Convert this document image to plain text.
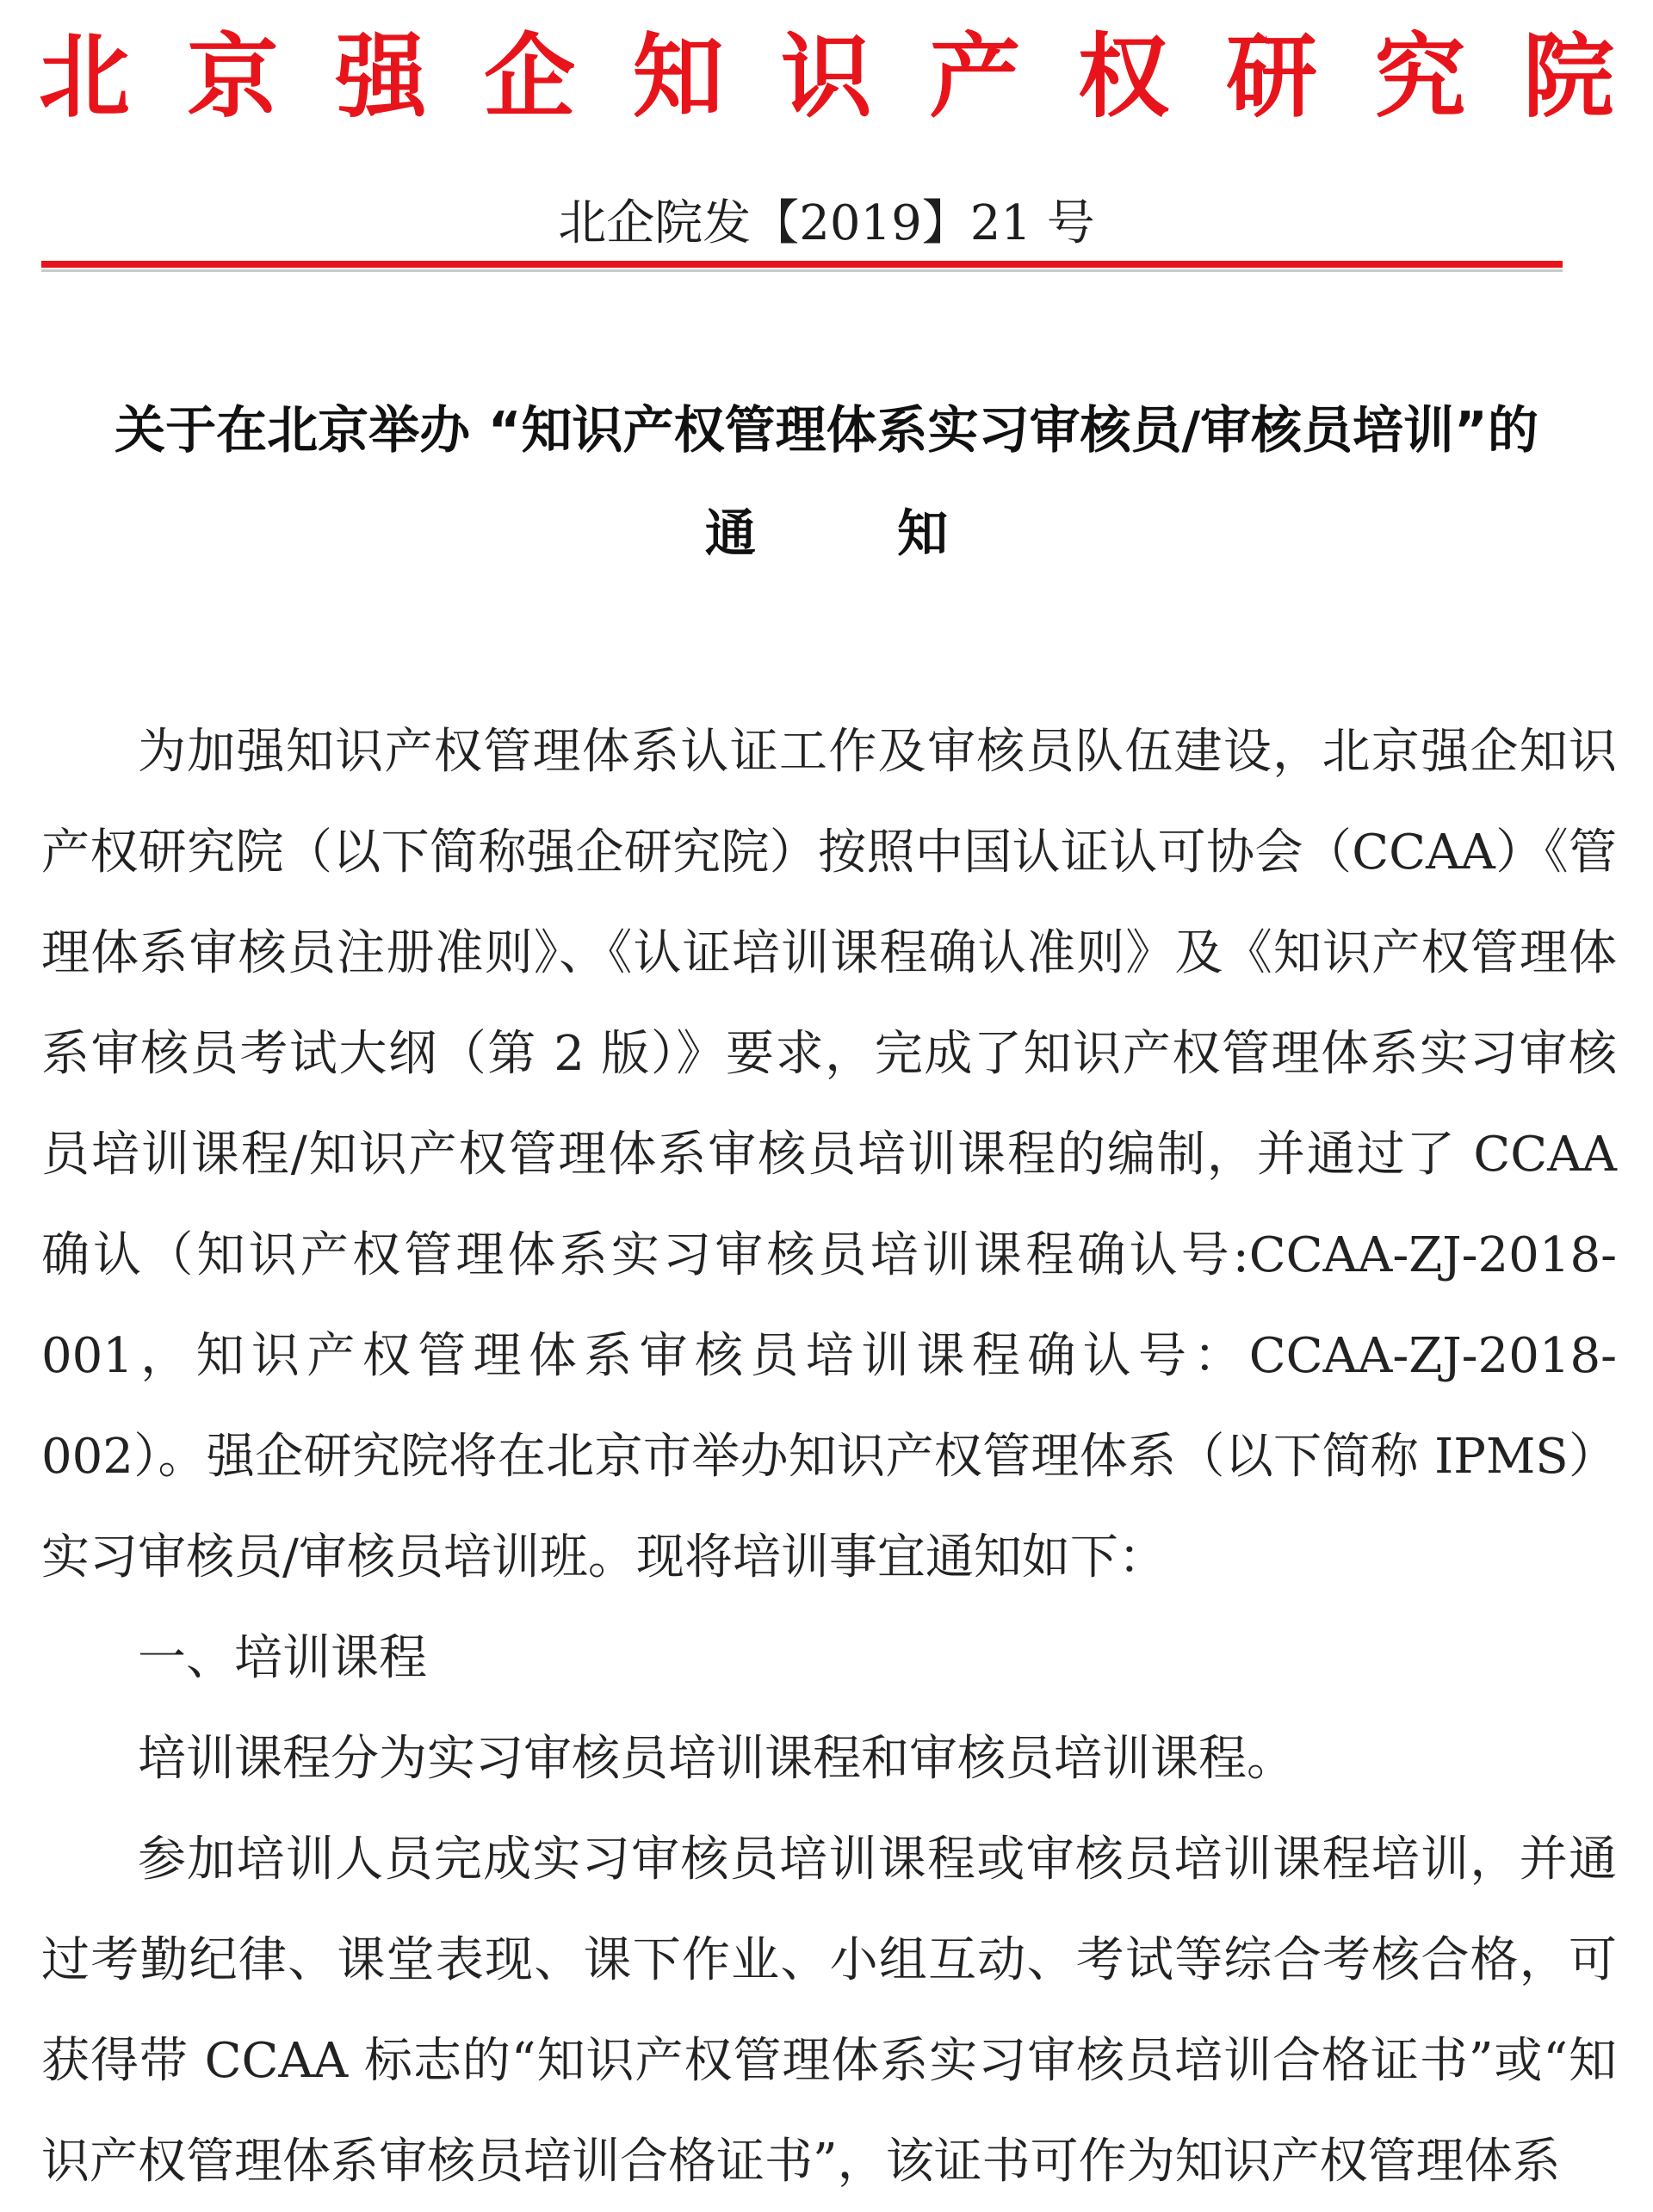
北 京 强 企 知 识 产 权 研 究 院
北企院发【2019】21 号
关于在北京举办 “知识产权管理体系实习审核员/审核员培训”的
通        知

为加强知识产权管理体系认证工作及审核员队伍建设，北京强企知识产权研究院（以下简称强企研究院）按照中国认证认可协会（CCAA）《管理体系审核员注册准则》、《认证培训课程确认准则》及《知识产权管理体系审核员考试大纲（第 2 版）》要求，完成了知识产权管理体系实习审核员培训课程/知识产权管理体系审核员培训课程的编制，并通过了 CCAA 确认（知识产权管理体系实习审核员培训课程确认号:CCAA-ZJ-2018-001，知识产权管理体系审核员培训课程确认号：CCAA-ZJ-2018-002）。强企研究院将在北京市举办知识产权管理体系（以下简称 IPMS）实习审核员/审核员培训班。现将培训事宜通知如下：

一、培训课程

培训课程分为实习审核员培训课程和审核员培训课程。

参加培训人员完成实习审核员培训课程或审核员培训课程培训，并通过考勤纪律、课堂表现、课下作业、小组互动、考试等综合考核合格，可获得带 CCAA 标志的“知识产权管理体系实习审核员培训合格证书”或“知识产权管理体系审核员培训合格证书”，该证书可作为知识产权管理体系
